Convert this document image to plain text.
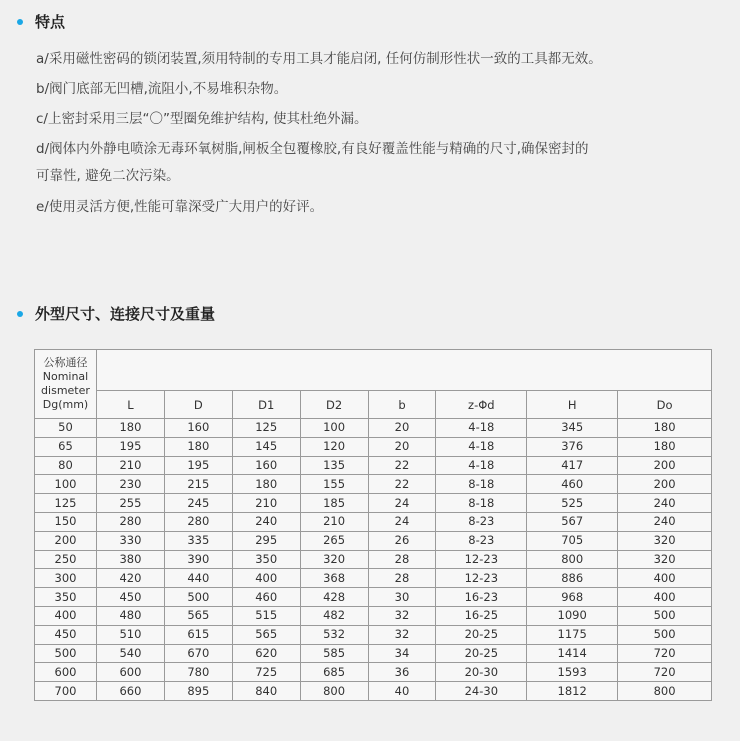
特点
a/采用磁性密码的锁闭装置,须用特制的专用工具才能启闭, 任何仿制形性状一致的工具都无效。
b/阀门底部无凹槽,流阻小,不易堆积杂物。
c/上密封采用三层“〇”型圈免维护结构, 使其杜绝外漏。
d/阀体内外静电喷涂无毒环氧树脂,闸板全包覆橡胶,有良好覆盖性能与精确的尺寸,确保密封的
可靠性, 避免二次污染。
e/使用灵活方便,性能可靠深受广大用户的好评。
外型尺寸、连接尺寸及重量
公称通径
Nominal
dismeter
Dg(mm)								

	L	D	D1	D2	b	z-Φd	H	Do
50	180	160	125	100	20	4-18	345	180
65	195	180	145	120	20	4-18	376	180
80	210	195	160	135	22	4-18	417	200
100	230	215	180	155	22	8-18	460	200
125	255	245	210	185	24	8-18	525	240
150	280	280	240	210	24	8-23	567	240
200	330	335	295	265	26	8-23	705	320
250	380	390	350	320	28	12-23	800	320
300	420	440	400	368	28	12-23	886	400
350	450	500	460	428	30	16-23	968	400
400	480	565	515	482	32	16-25	1090	500
450	510	615	565	532	32	20-25	1175	500
500	540	670	620	585	34	20-25	1414	720
600	600	780	725	685	36	20-30	1593	720
700	660	895	840	800	40	24-30	1812	800
